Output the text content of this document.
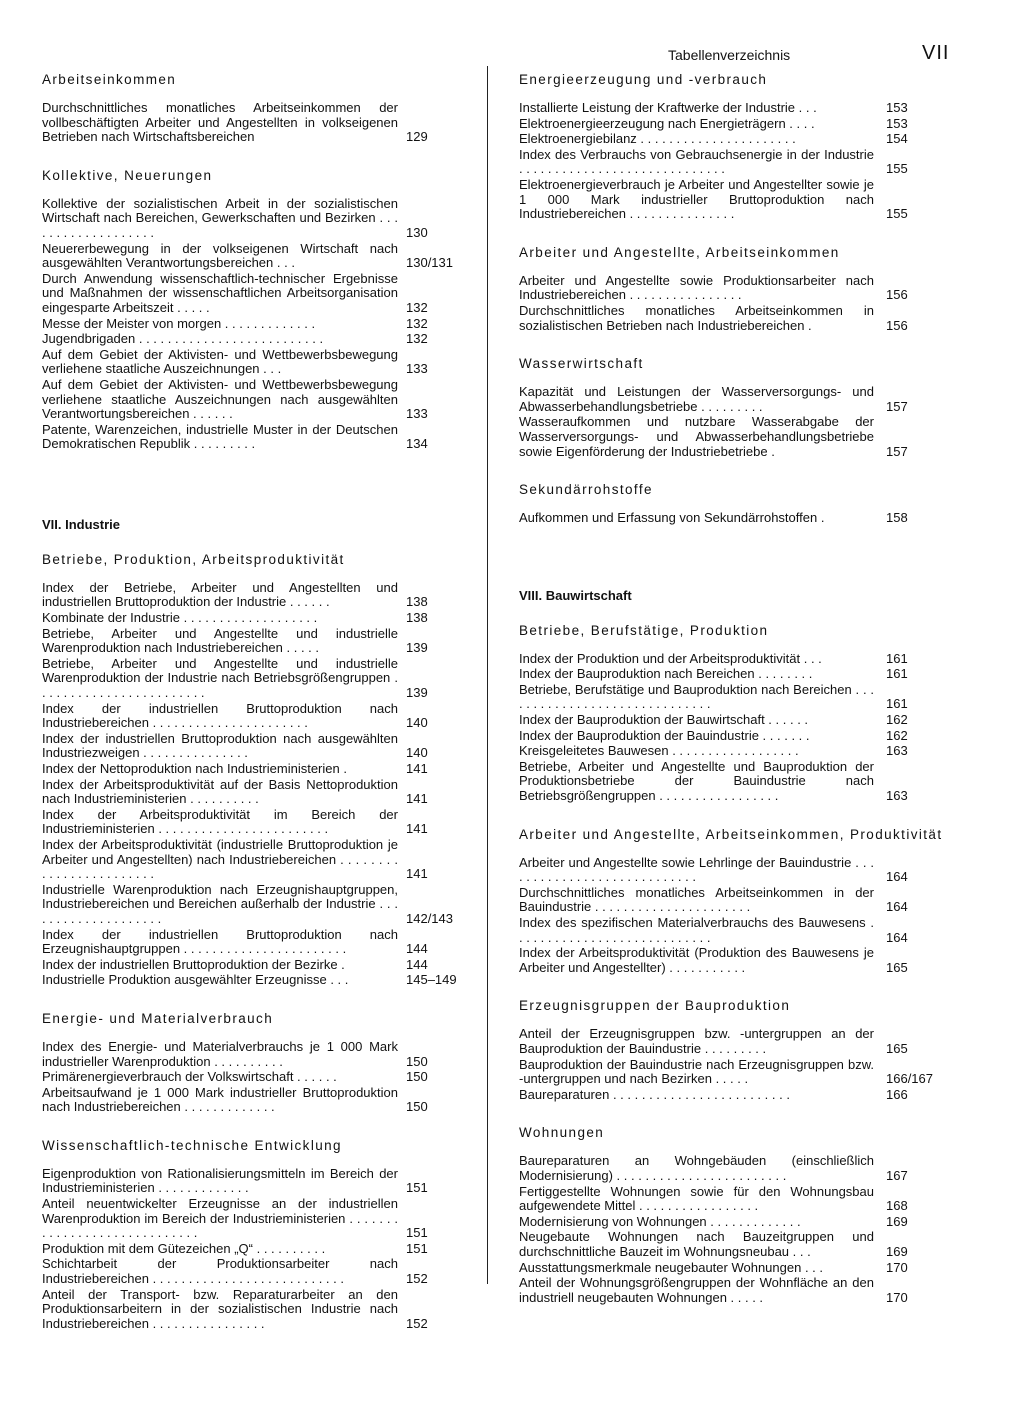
Tabellenverzeichnis	VII
Arbeitseinkommen
Durchschnittliches monatliches Arbeitseinkommen der vollbeschäftigten Arbeiter und Angestellten in volkseigenen Betrieben nach Wirtschaftsbereichen	129
Kollektive, Neuerungen
Kollektive der sozialistischen Arbeit in der sozialistischen Wirtschaft nach Bereichen, Gewerkschaften und Bezirken . . . . . . . . . . . . . . . . . . .	130
Neuererbewegung in der volkseigenen Wirtschaft nach ausgewählten Verantwortungsbereichen . . .	130/131
Durch Anwendung wissenschaftlich-technischer Ergebnisse und Maßnahmen der wissenschaftlichen Arbeitsorganisation eingesparte Arbeitszeit . . . . .	132
Messe der Meister von morgen . . . . . . . . . . . . .	132
Jugendbrigaden . . . . . . . . . . . . . . . . . . . . . . . . . .	132
Auf dem Gebiet der Aktivisten- und Wettbewerbsbewegung verliehene staatliche Auszeichnungen . . .	133
Auf dem Gebiet der Aktivisten- und Wettbewerbsbewegung verliehene staatliche Auszeichnungen nach ausgewählten Verantwortungsbereichen . . . . . .	133
Patente, Warenzeichen, industrielle Muster in der Deutschen Demokratischen Republik . . . . . . . . .	134
VII. Industrie
Betriebe, Produktion, Arbeitsproduktivität
Index der Betriebe, Arbeiter und Angestellten und industriellen Bruttoproduktion der Industrie . . . . . .	138
Kombinate der Industrie . . . . . . . . . . . . . . . . . . .	138
Betriebe, Arbeiter und Angestellte und industrielle Warenproduktion nach Industriebereichen . . . . .	139
Betriebe, Arbeiter und Angestellte und industrielle Warenproduktion der Industrie nach Betriebsgrößengruppen . . . . . . . . . . . . . . . . . . . . . . . .	139
Index der industriellen Bruttoproduktion nach Industriebereichen . . . . . . . . . . . . . . . . . . . . . .	140
Index der industriellen Bruttoproduktion nach ausgewählten Industriezweigen . . . . . . . . . . . . . . .	140
Index der Nettoproduktion nach Industrieministerien .	141
Index der Arbeitsproduktivität auf der Basis Nettoproduktion nach Industrieministerien . . . . . . . . . .	141
Index der Arbeitsproduktivität im Bereich der Industrieministerien . . . . . . . . . . . . . . . . . . . . . . . .	141
Index der Arbeitsproduktivität (industrielle Bruttoproduktion je Arbeiter und Angestellten) nach Industriebereichen . . . . . . . . . . . . . . . . . . . . . . . .	141
Industrielle Warenproduktion nach Erzeugnishauptgruppen, Industriebereichen und Bereichen außerhalb der Industrie . . . . . . . . . . . . . . . . . . . .	142/143
Index der industriellen Bruttoproduktion nach Erzeugnishauptgruppen . . . . . . . . . . . . . . . . . . . . . . .	144
Index der industriellen Bruttoproduktion der Bezirke .	144
Industrielle Produktion ausgewählter Erzeugnisse . . .	145–149
Energie- und Materialverbrauch
Index des Energie- und Materialverbrauchs je 1 000 Mark industrieller Warenproduktion . . . . . . . . . .	150
Primärenergieverbrauch der Volkswirtschaft . . . . . .	150
Arbeitsaufwand je 1 000 Mark industrieller Bruttoproduktion nach Industriebereichen . . . . . . . . . . . . .	150
Wissenschaftlich-technische Entwicklung
Eigenproduktion von Rationalisierungsmitteln im Bereich der Industrieministerien . . . . . . . . . . . . .	151
Anteil neuentwickelter Erzeugnisse an der industriellen Warenproduktion im Bereich der Industrieministerien . . . . . . . . . . . . . . . . . . . . . . . . . . . . .	151
Produktion mit dem Gütezeichen „Q“ . . . . . . . . . .	151
Schichtarbeit der Produktionsarbeiter nach Industriebereichen . . . . . . . . . . . . . . . . . . . . . . . . . . .	152
Anteil der Transport- bzw. Reparaturarbeiter an den Produktionsarbeitern in der sozialistischen Industrie nach Industriebereichen . . . . . . . . . . . . . . . .	152
Energieerzeugung und -verbrauch
Installierte Leistung der Kraftwerke der Industrie . . .	153
Elektroenergieerzeugung nach Energieträgern . . . .	153
Elektroenergiebilanz . . . . . . . . . . . . . . . . . . . . . .	154
Index des Verbrauchs von Gebrauchsenergie in der Industrie . . . . . . . . . . . . . . . . . . . . . . . . . . . . .	155
Elektroenergieverbrauch je Arbeiter und Angestellter sowie je 1 000 Mark industrieller Bruttoproduktion nach Industriebereichen . . . . . . . . . . . . . . .	155
Arbeiter und Angestellte, Arbeitseinkommen
Arbeiter und Angestellte sowie Produktionsarbeiter nach Industriebereichen . . . . . . . . . . . . . . . .	156
Durchschnittliches monatliches Arbeitseinkommen in sozialistischen Betrieben nach Industriebereichen .	156
Wasserwirtschaft
Kapazität und Leistungen der Wasserversorgungs- und Abwasserbehandlungsbetriebe . . . . . . . . .	157
Wasseraufkommen und nutzbare Wasserabgabe der Wasserversorgungs- und Abwasserbehandlungsbetriebe sowie Eigenförderung der Industriebetriebe .	157
Sekundärrohstoffe
Aufkommen und Erfassung von Sekundärrohstoffen .	158
VIII. Bauwirtschaft
Betriebe, Berufstätige, Produktion
Index der Produktion und der Arbeitsproduktivität . . .	161
Index der Bauproduktion nach Bereichen . . . . . . . .	161
Betriebe, Berufstätige und Bauproduktion nach Bereichen . . . . . . . . . . . . . . . . . . . . . . . . . . . . . .	161
Index der Bauproduktion der Bauwirtschaft . . . . . .	162
Index der Bauproduktion der Bauindustrie . . . . . . .	162
Kreisgeleitetes Bauwesen . . . . . . . . . . . . . . . . . .	163
Betriebe, Arbeiter und Angestellte und Bauproduktion der Produktionsbetriebe der Bauindustrie nach Betriebsgrößengruppen . . . . . . . . . . . . . . . . .	163
Arbeiter und Angestellte, Arbeitseinkommen, Produktivität
Arbeiter und Angestellte sowie Lehrlinge der Bauindustrie . . . . . . . . . . . . . . . . . . . . . . . . . . . .	164
Durchschnittliches monatliches Arbeitseinkommen in der Bauindustrie . . . . . . . . . . . . . . . . . . . . . .	164
Index des spezifischen Materialverbrauchs des Bauwesens . . . . . . . . . . . . . . . . . . . . . . . . . . . .	164
Index der Arbeitsproduktivität (Produktion des Bauwesens je Arbeiter und Angestellter) . . . . . . . . . . .	165
Erzeugnisgruppen der Bauproduktion
Anteil der Erzeugnisgruppen bzw. -untergruppen an der Bauproduktion der Bauindustrie . . . . . . . . .	165
Bauproduktion der Bauindustrie nach Erzeugnisgruppen bzw. -untergruppen und nach Bezirken . . . . .	166/167
Baureparaturen . . . . . . . . . . . . . . . . . . . . . . . . .	166
Wohnungen
Baureparaturen an Wohngebäuden (einschließlich Modernisierung) . . . . . . . . . . . . . . . . . . . . . . . .	167
Fertiggestellte Wohnungen sowie für den Wohnungsbau aufgewendete Mittel . . . . . . . . . . . . . . . . .	168
Modernisierung von Wohnungen . . . . . . . . . . . . .	169
Neugebaute Wohnungen nach Bauzeitgruppen und durchschnittliche Bauzeit im Wohnungsneubau . . .	169
Ausstattungsmerkmale neugebauter Wohnungen . . .	170
Anteil der Wohnungsgrößengruppen der Wohnfläche an den industriell neugebauten Wohnungen . . . . .	170
